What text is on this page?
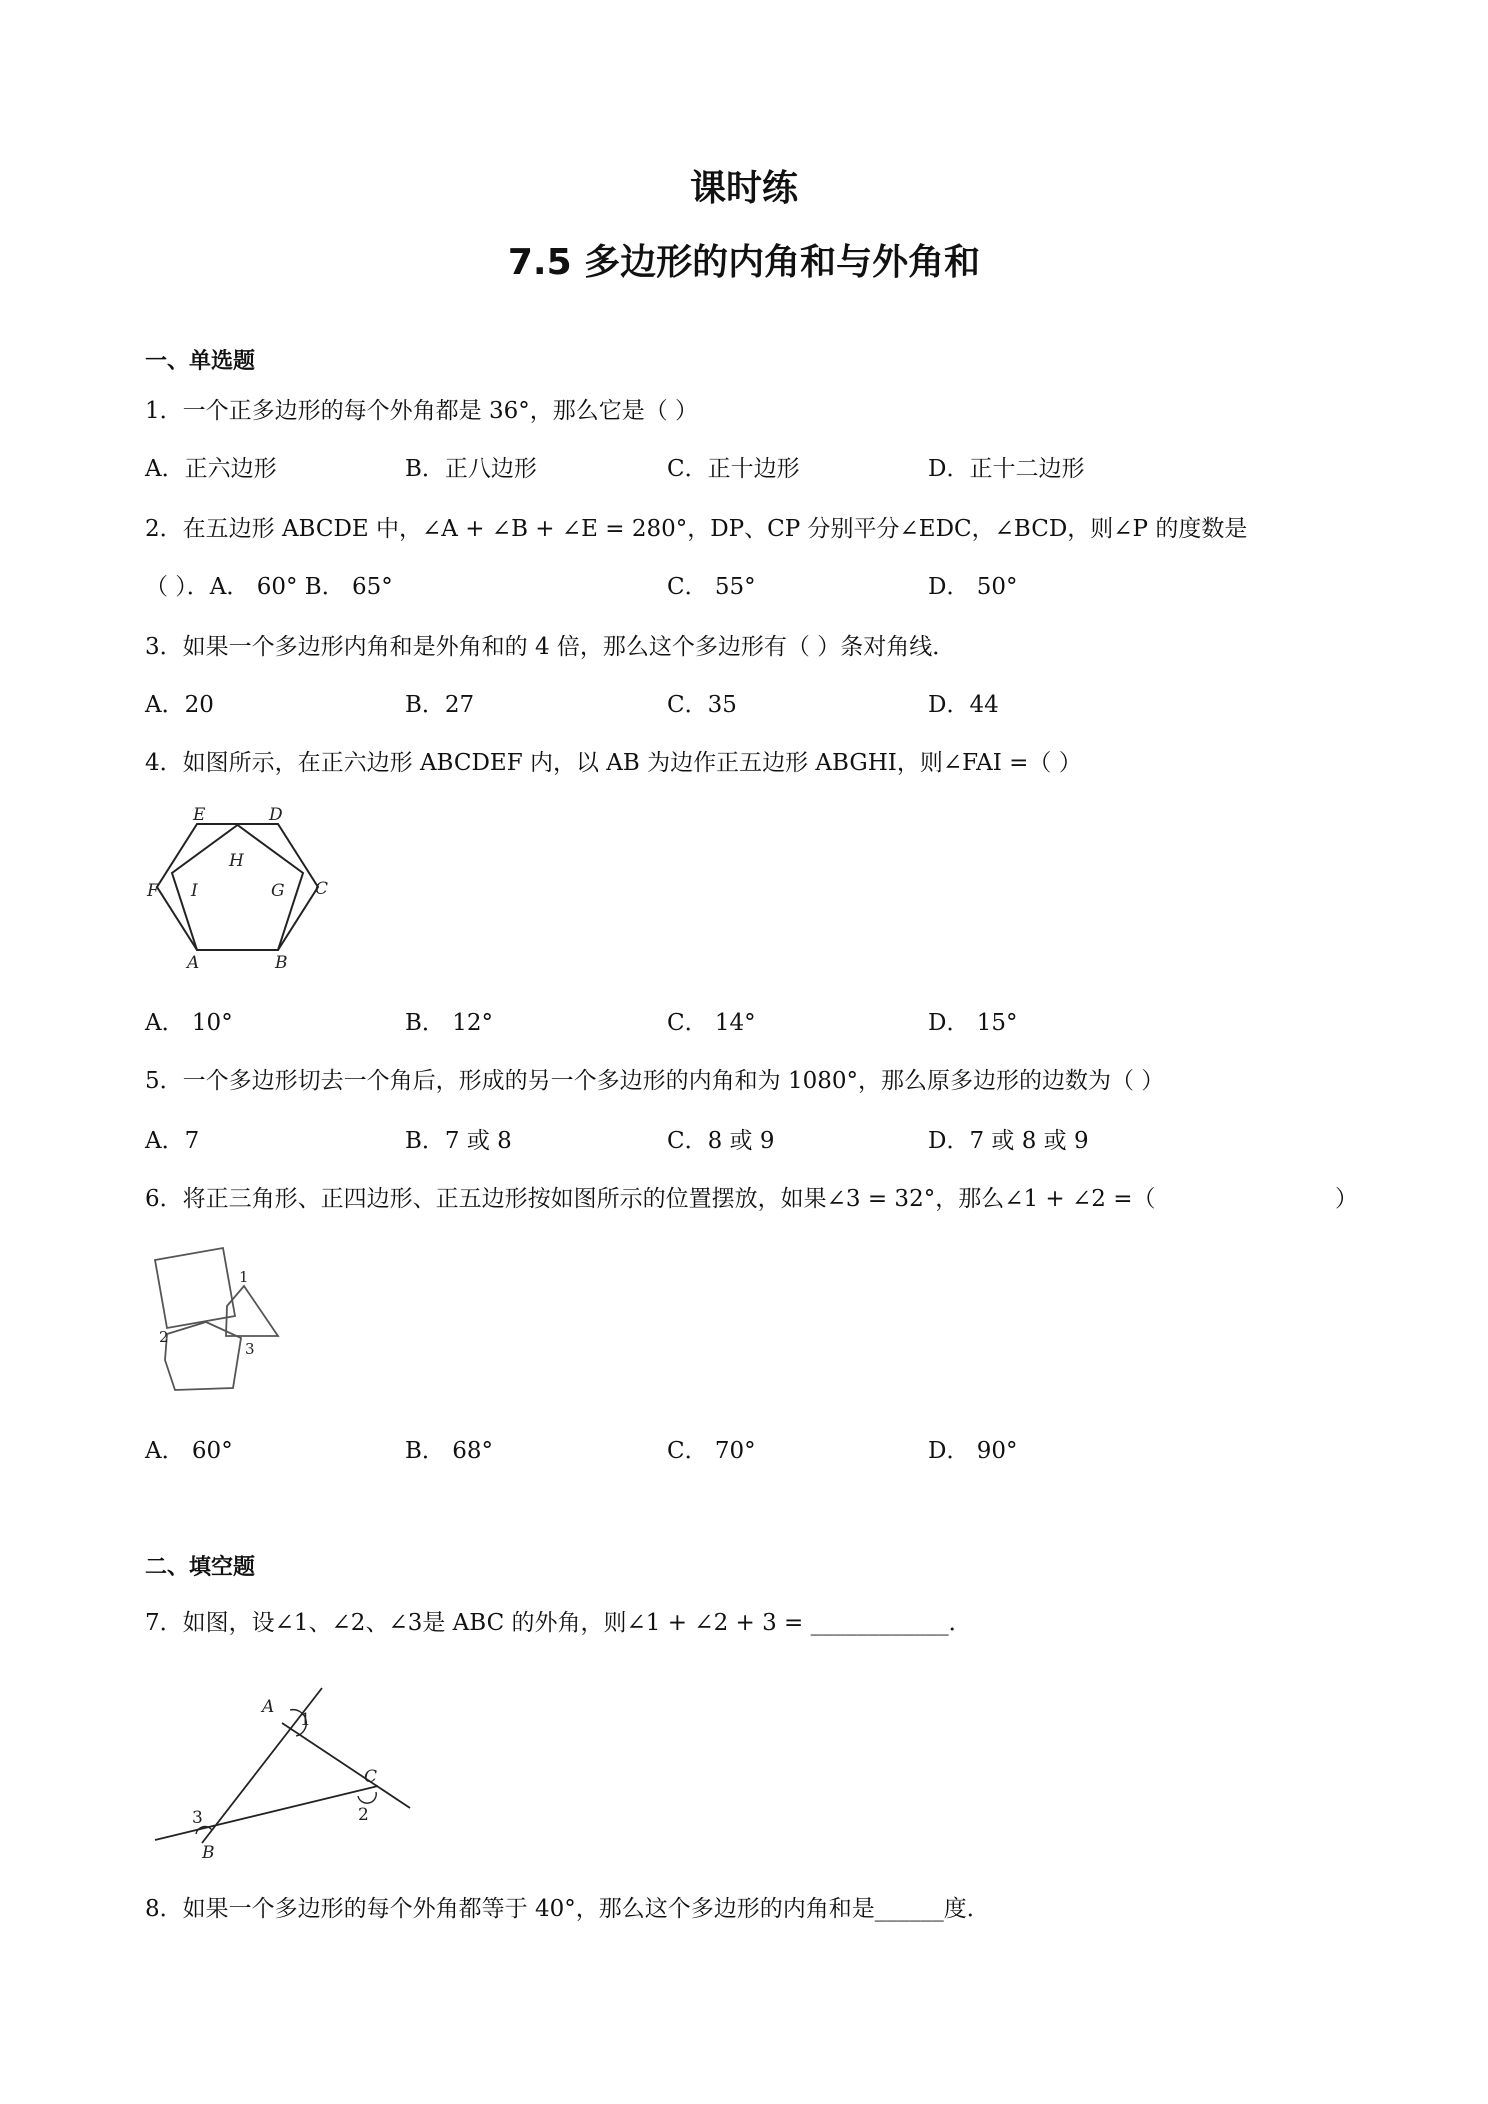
课时练
7.5 多边形的内角和与外角和
一、单选题
1．一个正多边形的每个外角都是 36°，那么它是（ ）
A．正六边形	B．正八边形	C．正十边形	D．正十二边形
2．在五边形 ABCDE 中，∠A + ∠B + ∠E = 280°，DP、CP 分别平分∠EDC，∠BCD，则∠P 的度数是
（ ）．A． 60° B． 65°	C． 55°	D． 50°
3．如果一个多边形内角和是外角和的 4 倍，那么这个多边形有（ ）条对角线．
A．20	B．27	C．35	D．44
4．如图所示，在正六边形 ABCDEF 内，以 AB 为边作正五边形 ABGHI，则∠FAI =（ ）
E	D
F	C
H
I	G
A	B
A． 10°	B． 12°	C． 14°	D． 15°
5．一个多边形切去一个角后，形成的另一个多边形的内角和为 1080°，那么原多边形的边数为（ ）
A．7	B．7 或 8	C．8 或 9	D．7 或 8 或 9
6．将正三角形、正四边形、正五边形按如图所示的位置摆放，如果∠3 = 32°，那么∠1 + ∠2 =（	）
1
2
3
A． 60°	B． 68°	C． 70°	D． 90°
二、填空题
7．如图，设∠1、∠2、∠3是 ABC 的外角，则∠1 + ∠2 + 3 = ____________．
A
1
C
3	2
B
8．如果一个多边形的每个外角都等于 40°，那么这个多边形的内角和是______度．
